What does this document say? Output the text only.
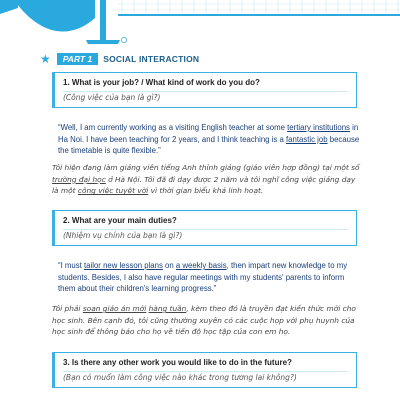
★	PART 1	SOCIAL INTERACTION
1. What is your job? / What kind of work do you do?
(Công việc của bạn là gì?)
“Well, I am currently working as a visiting English teacher at some tertiary institutions in Ha Noi. I have been teaching for 2 years, and I think teaching is a fantastic job because the timetable is quite flexible.”
Tôi hiện đang làm giảng viên tiếng Anh thỉnh giảng (giáo viên hợp đồng) tại một số trường đại học ở Hà Nội. Tôi đã đi dạy được 2 năm và tôi nghĩ công việc giảng dạy là một công việc tuyệt vời vì thời gian biểu khá linh hoạt.
2. What are your main duties?
(Nhiệm vụ chính của bạn là gì?)
“I must tailor new lesson plans on a weekly basis, then impart new knowledge to my students. Besides, I also have regular meetings with my students' parents to inform them about their children's learning progress.”
Tôi phải soạn giáo án mới hàng tuần, kèm theo đó là truyền đạt kiến thức mới cho học sinh. Bên cạnh đó, tôi cũng thường xuyên có các cuộc họp với phụ huynh của học sinh để thông báo cho họ về tiến độ học tập của con em họ.
3. Is there any other work you would like to do in the future?
(Bạn có muốn làm công việc nào khác trong tương lai không?)
